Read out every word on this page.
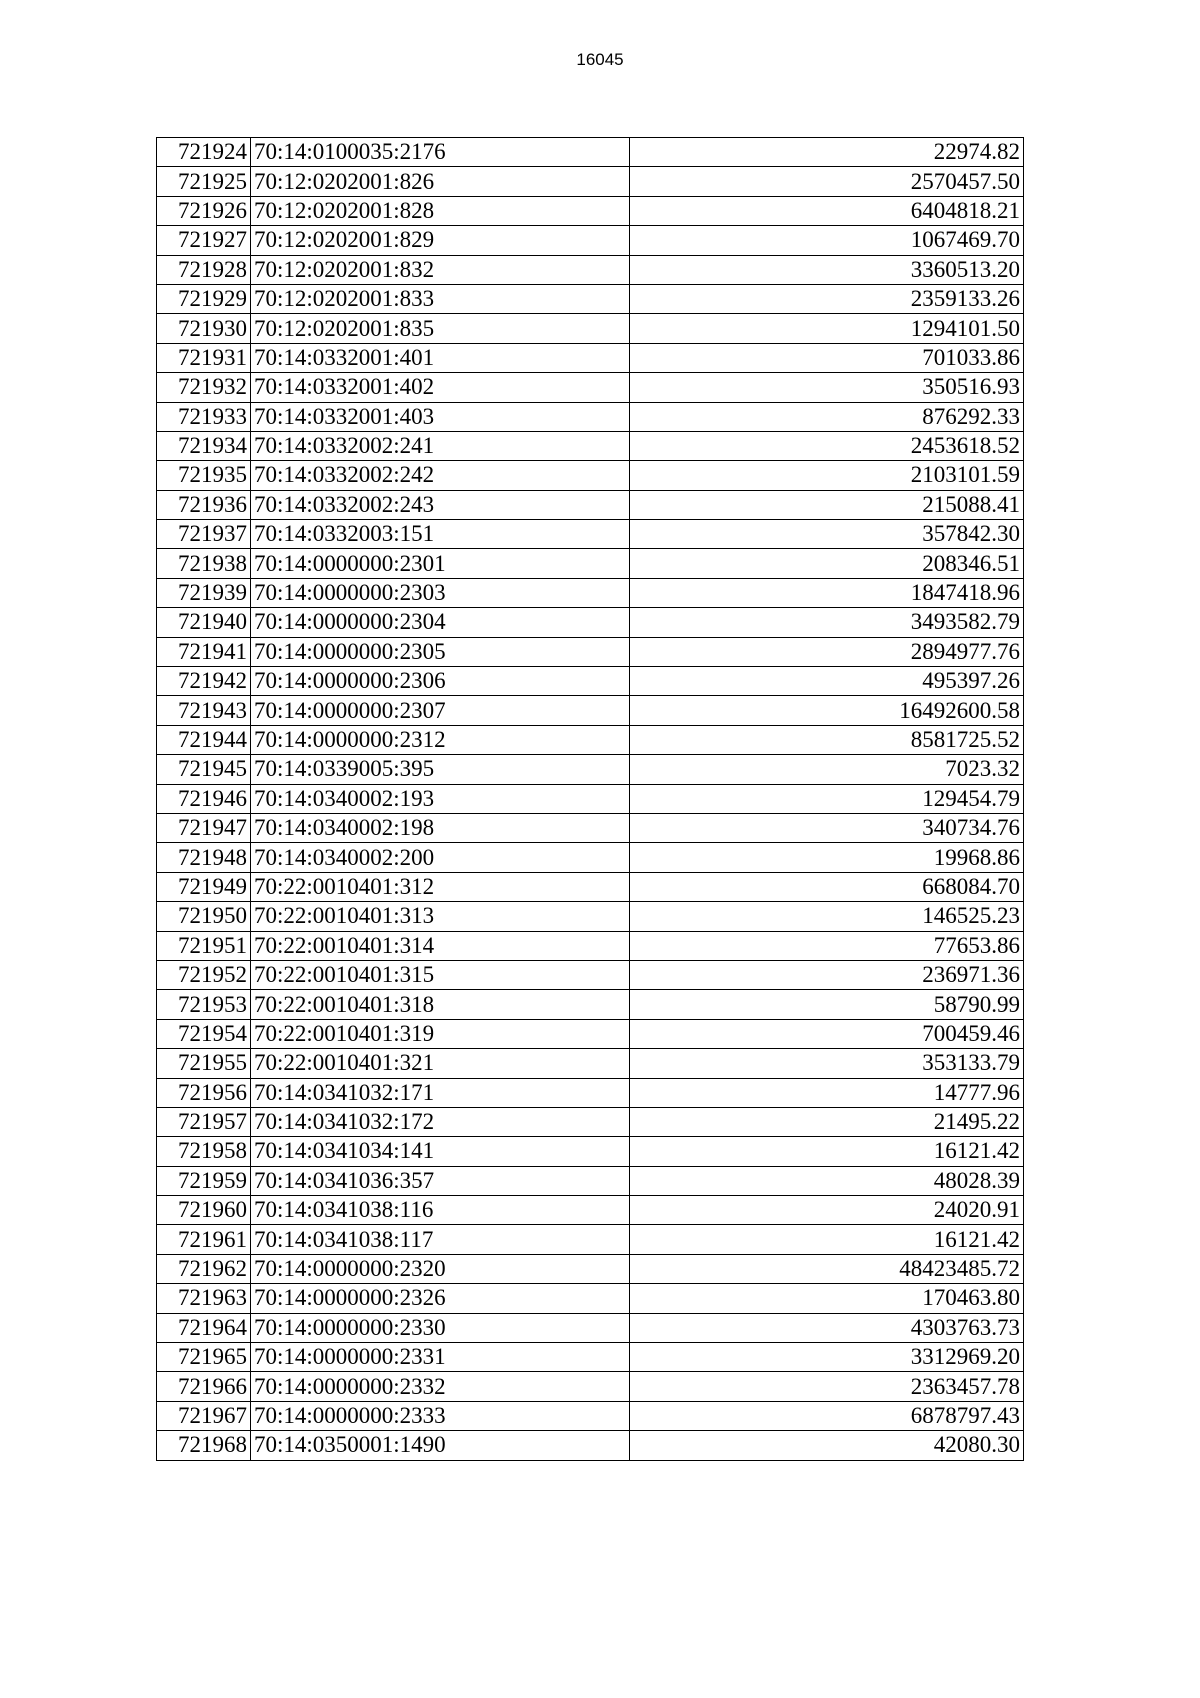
16045
721924	70:14:0100035:2176	22974.82
721925	70:12:0202001:826	2570457.50
721926	70:12:0202001:828	6404818.21
721927	70:12:0202001:829	1067469.70
721928	70:12:0202001:832	3360513.20
721929	70:12:0202001:833	2359133.26
721930	70:12:0202001:835	1294101.50
721931	70:14:0332001:401	701033.86
721932	70:14:0332001:402	350516.93
721933	70:14:0332001:403	876292.33
721934	70:14:0332002:241	2453618.52
721935	70:14:0332002:242	2103101.59
721936	70:14:0332002:243	215088.41
721937	70:14:0332003:151	357842.30
721938	70:14:0000000:2301	208346.51
721939	70:14:0000000:2303	1847418.96
721940	70:14:0000000:2304	3493582.79
721941	70:14:0000000:2305	2894977.76
721942	70:14:0000000:2306	495397.26
721943	70:14:0000000:2307	16492600.58
721944	70:14:0000000:2312	8581725.52
721945	70:14:0339005:395	7023.32
721946	70:14:0340002:193	129454.79
721947	70:14:0340002:198	340734.76
721948	70:14:0340002:200	19968.86
721949	70:22:0010401:312	668084.70
721950	70:22:0010401:313	146525.23
721951	70:22:0010401:314	77653.86
721952	70:22:0010401:315	236971.36
721953	70:22:0010401:318	58790.99
721954	70:22:0010401:319	700459.46
721955	70:22:0010401:321	353133.79
721956	70:14:0341032:171	14777.96
721957	70:14:0341032:172	21495.22
721958	70:14:0341034:141	16121.42
721959	70:14:0341036:357	48028.39
721960	70:14:0341038:116	24020.91
721961	70:14:0341038:117	16121.42
721962	70:14:0000000:2320	48423485.72
721963	70:14:0000000:2326	170463.80
721964	70:14:0000000:2330	4303763.73
721965	70:14:0000000:2331	3312969.20
721966	70:14:0000000:2332	2363457.78
721967	70:14:0000000:2333	6878797.43
721968	70:14:0350001:1490	42080.30
